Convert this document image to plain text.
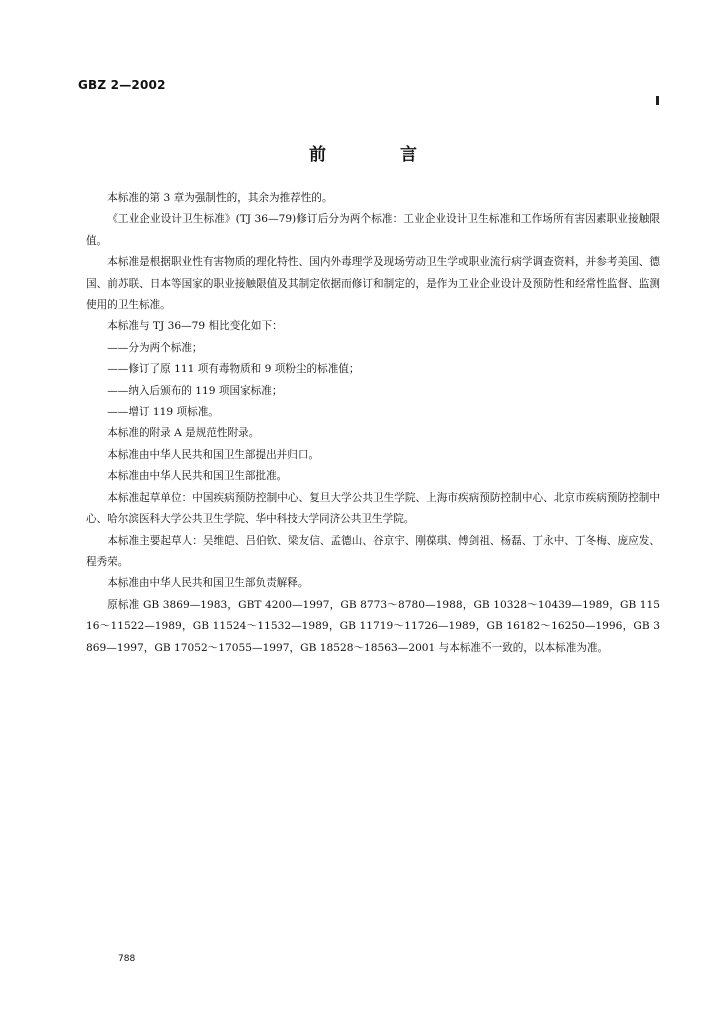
GBZ 2—2002
前 言

本标准的第 3 章为强制性的，其余为推荐性的。

《工业企业设计卫生标准》(TJ 36—79)修订后分为两个标准：工业企业设计卫生标准和工作场所有害因素职业接触限值。

本标准是根据职业性有害物质的理化特性、国内外毒理学及现场劳动卫生学或职业流行病学调查资料，并参考美国、德国、前苏联、日本等国家的职业接触限值及其制定依据而修订和制定的，是作为工业企业设计及预防性和经常性监督、监测使用的卫生标准。

本标准与 TJ 36—79 相比变化如下：

——分为两个标准；

——修订了原 111 项有毒物质和 9 项粉尘的标准值；

——纳入后颁布的 119 项国家标准；

——增订 119 项标准。

本标准的附录 A 是规范性附录。

本标准由中华人民共和国卫生部提出并归口。

本标准由中华人民共和国卫生部批准。

本标准起草单位：中国疾病预防控制中心、复旦大学公共卫生学院、上海市疾病预防控制中心、北京市疾病预防控制中心、哈尔滨医科大学公共卫生学院、华中科技大学同济公共卫生学院。

本标准主要起草人：吴维皑、吕伯钦、梁友信、孟德山、谷京宇、刚葆琪、傅剑祖、杨磊、丁永中、丁冬梅、庞应发、程秀荣。

本标准由中华人民共和国卫生部负责解释。

原标准 GB 3869—1983，GBT 4200—1997，GB 8773～8780—1988，GB 10328～10439—1989，GB 11516～11522—1989，GB 11524～11532—1989，GB 11719～11726—1989，GB 16182～16250—1996，GB 3869—1997，GB 17052～17055—1997，GB 18528～18563—2001 与本标准不一致的，以本标准为准。

788
